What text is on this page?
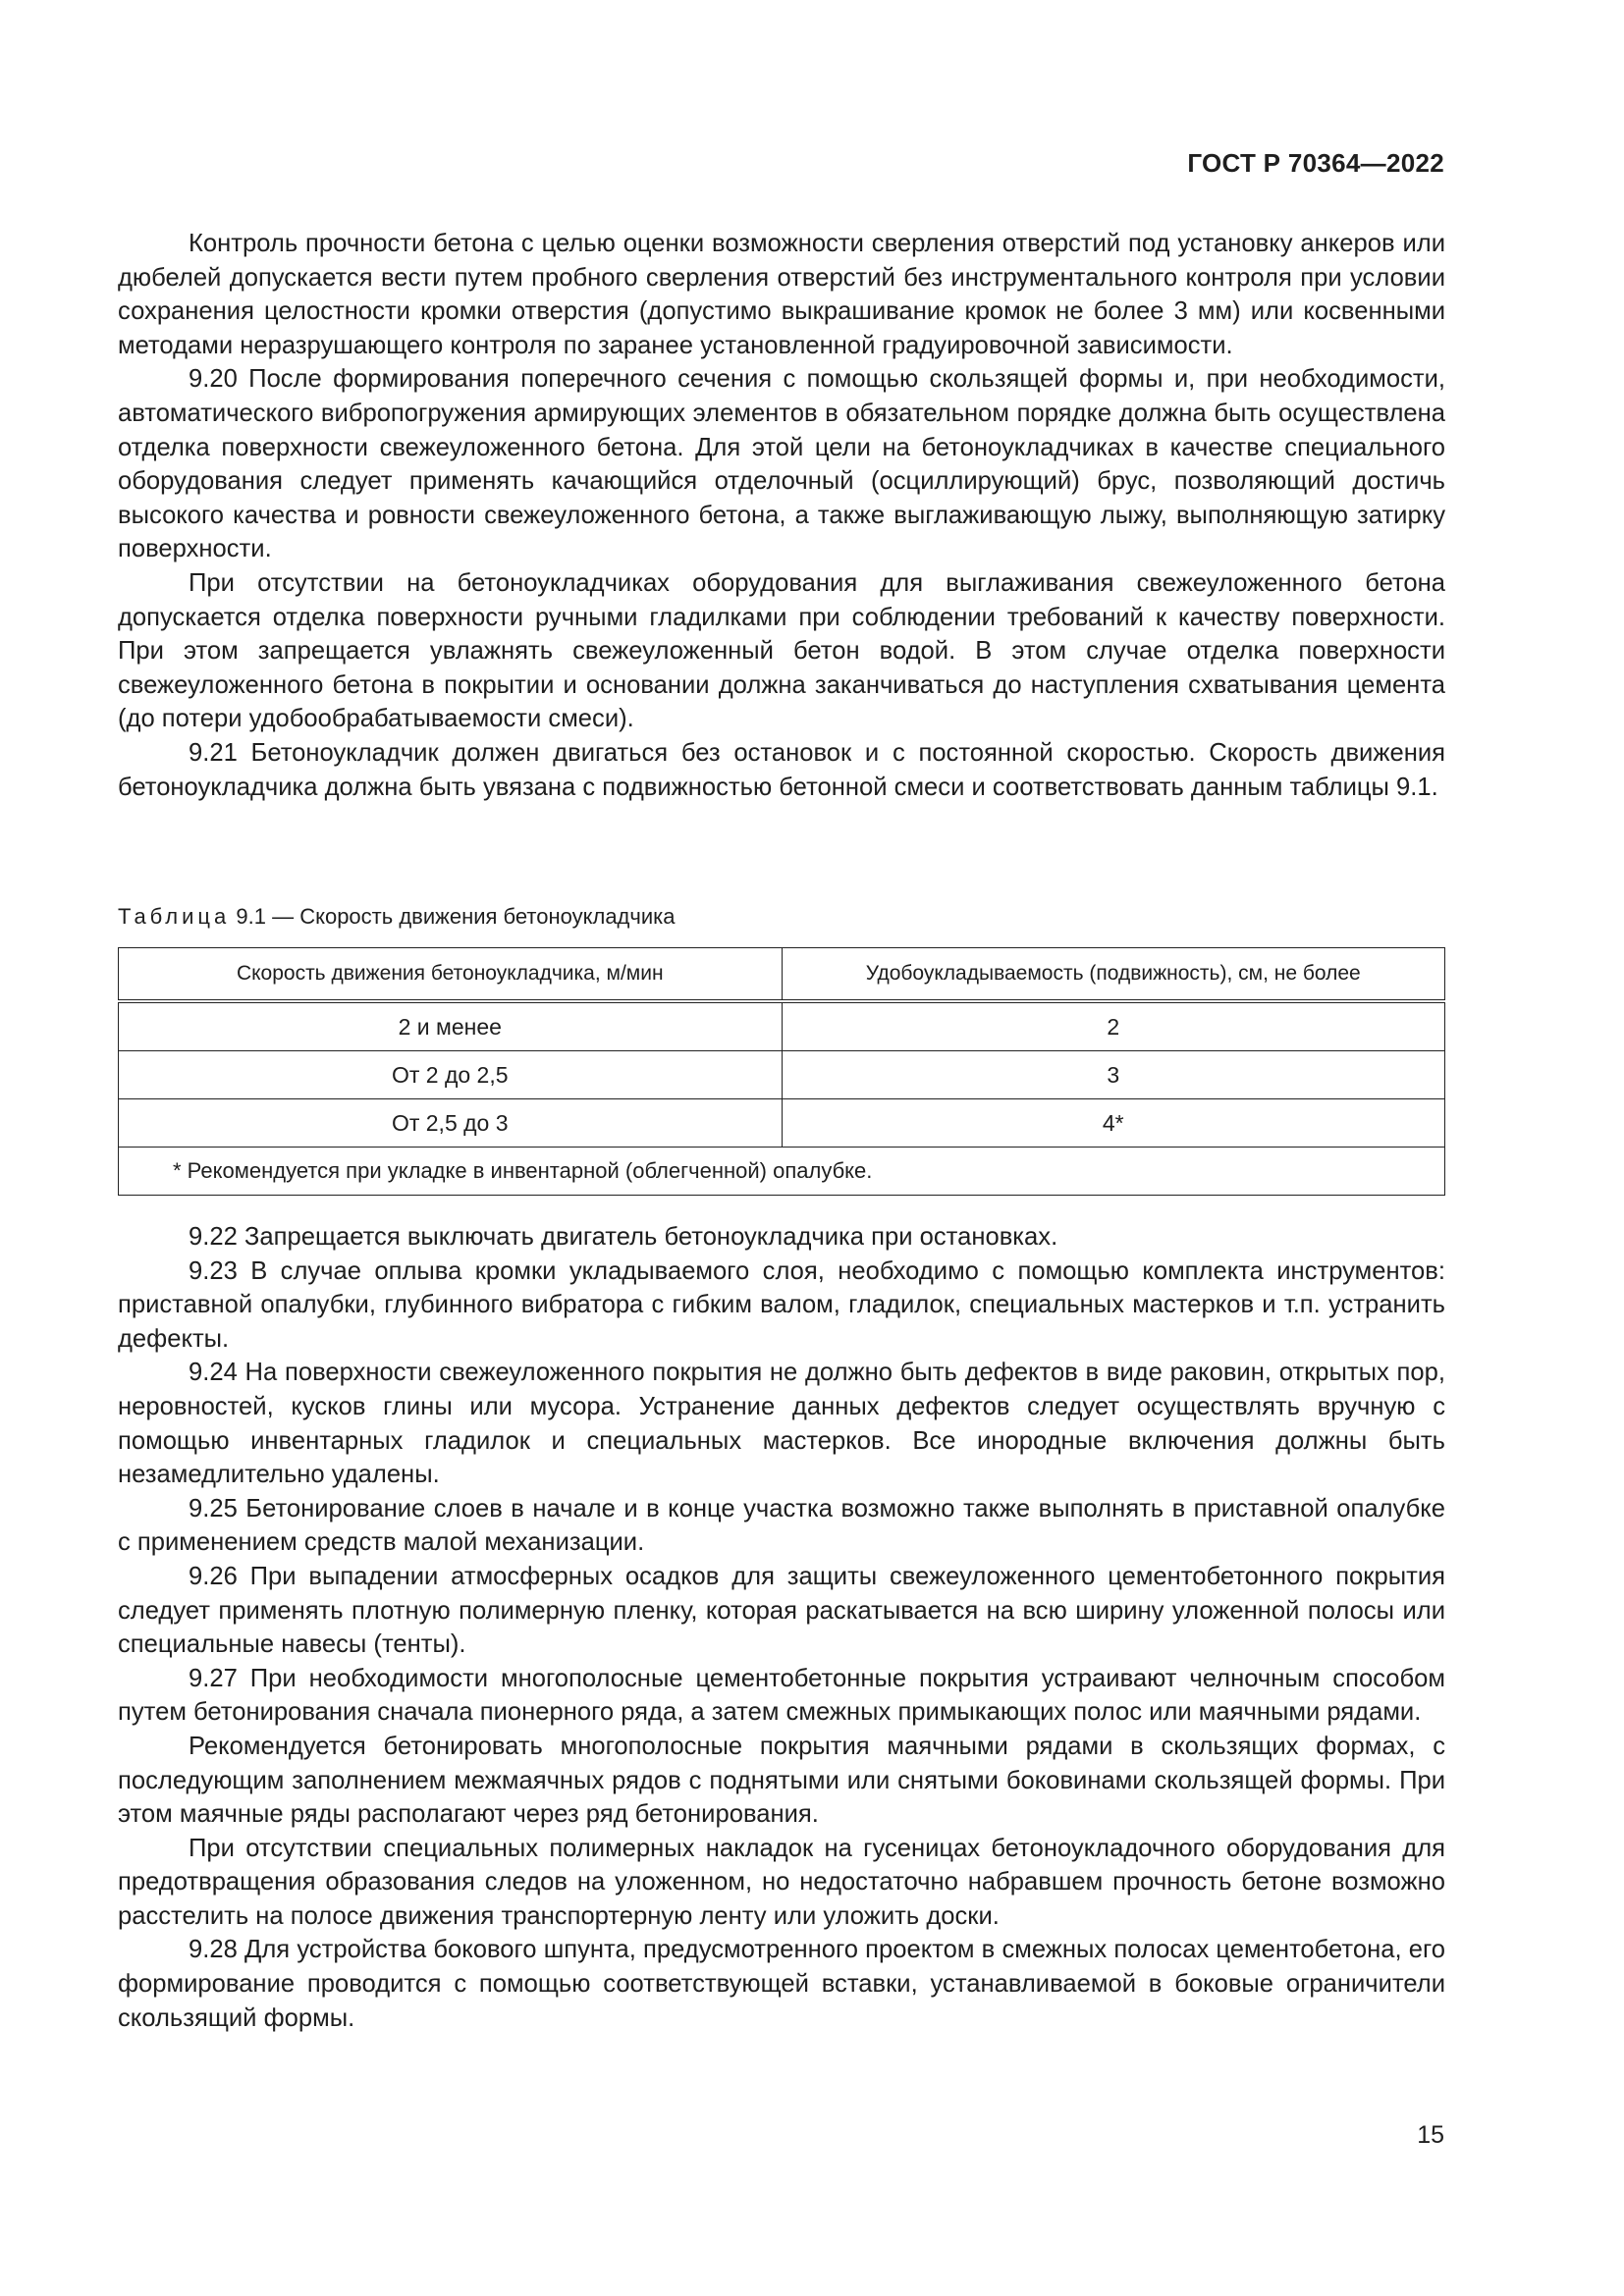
ГОСТ Р 70364—2022

Контроль прочности бетона с целью оценки возможности сверления отверстий под установку анкеров или дюбелей допускается вести путем пробного сверления отверстий без инструментального контроля при условии сохранения целостности кромки отверстия (допустимо выкрашивание кромок не более 3 мм) или косвенными методами неразрушающего контроля по заранее установленной градуировочной зависимости.

9.20 После формирования поперечного сечения с помощью скользящей формы и, при необходимости, автоматического вибропогружения армирующих элементов в обязательном порядке должна быть осуществлена отделка поверхности свежеуложенного бетона. Для этой цели на бетоноукладчиках в качестве специального оборудования следует применять качающийся отделочный (осциллирующий) брус, позволяющий достичь высокого качества и ровности свежеуложенного бетона, а также выглаживающую лыжу, выполняющую затирку поверхности.

При отсутствии на бетоноукладчиках оборудования для выглаживания свежеуложенного бетона допускается отделка поверхности ручными гладилками при соблюдении требований к качеству поверхности. При этом запрещается увлажнять свежеуложенный бетон водой. В этом случае отделка поверхности свежеуложенного бетона в покрытии и основании должна заканчиваться до наступления схватывания цемента (до потери удобообрабатываемости смеси).

9.21 Бетоноукладчик должен двигаться без остановок и с постоянной скоростью. Скорость движения бетоноукладчика должна быть увязана с подвижностью бетонной смеси и соответствовать данным таблицы 9.1.

Таблица 9.1 — Скорость движения бетоноукладчика
Скорость движения бетоноукладчика, м/мин	Удобоукладываемость (подвижность), см, не более
2 и менее	2
От 2 до 2,5	3
От 2,5 до 3	4*
* Рекомендуется при укладке в инвентарной (облегченной) опалубке.	

9.22 Запрещается выключать двигатель бетоноукладчика при остановках.

9.23 В случае оплыва кромки укладываемого слоя, необходимо с помощью комплекта инструментов: приставной опалубки, глубинного вибратора с гибким валом, гладилок, специальных мастерков и т.п. устранить дефекты.

9.24 На поверхности свежеуложенного покрытия не должно быть дефектов в виде раковин, открытых пор, неровностей, кусков глины или мусора. Устранение данных дефектов следует осуществлять вручную с помощью инвентарных гладилок и специальных мастерков. Все инородные включения должны быть незамедлительно удалены.

9.25 Бетонирование слоев в начале и в конце участка возможно также выполнять в приставной опалубке с применением средств малой механизации.

9.26 При выпадении атмосферных осадков для защиты свежеуложенного цементобетонного покрытия следует применять плотную полимерную пленку, которая раскатывается на всю ширину уложенной полосы или специальные навесы (тенты).

9.27 При необходимости многополосные цементобетонные покрытия устраивают челночным способом путем бетонирования сначала пионерного ряда, а затем смежных примыкающих полос или маячными рядами.

Рекомендуется бетонировать многополосные покрытия маячными рядами в скользящих формах, с последующим заполнением межмаячных рядов с поднятыми или снятыми боковинами скользящей формы. При этом маячные ряды располагают через ряд бетонирования.

При отсутствии специальных полимерных накладок на гусеницах бетоноукладочного оборудования для предотвращения образования следов на уложенном, но недостаточно набравшем прочность бетоне возможно расстелить на полосе движения транспортерную ленту или уложить доски.

9.28 Для устройства бокового шпунта, предусмотренного проектом в смежных полосах цементобетона, его формирование проводится с помощью соответствующей вставки, устанавливаемой в боковые ограничители скользящий формы.

15
